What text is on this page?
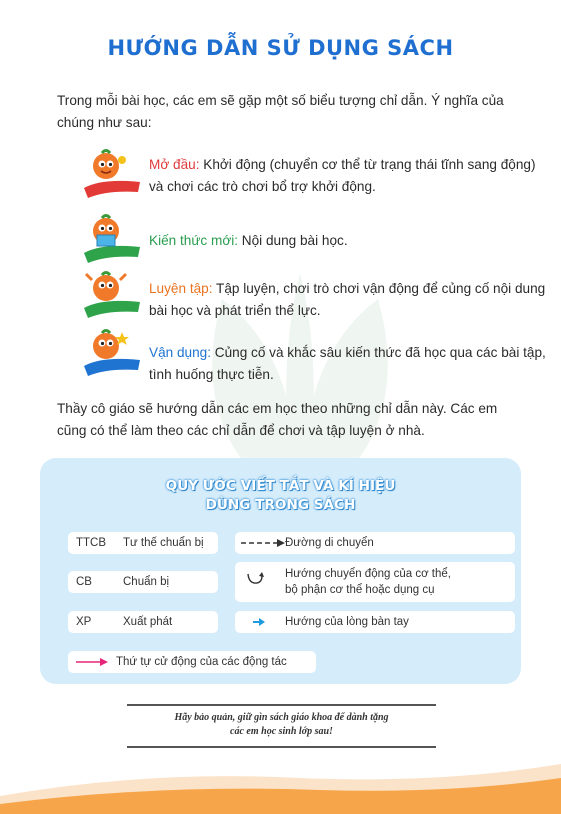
HƯỚNG DẪN SỬ DỤNG SÁCH
Trong mỗi bài học, các em sẽ gặp một số biểu tượng chỉ dẫn. Ý nghĩa của chúng như sau:
Mở đầu: Khởi động (chuyển cơ thể từ trạng thái tĩnh sang động) và chơi các trò chơi bổ trợ khởi động.
Kiến thức mới: Nội dung bài học.
Luyện tập: Tập luyện, chơi trò chơi vận động để củng cố nội dung bài học và phát triển thể lực.
Vận dụng: Củng cố và khắc sâu kiến thức đã học qua các bài tập, tình huống thực tiễn.
Thầy cô giáo sẽ hướng dẫn các em học theo những chỉ dẫn này. Các em cũng có thể làm theo các chỉ dẫn để chơi và tập luyện ở nhà.
QUY ƯỚC VIẾT TẮT VÀ KÍ HIỆU
DÙNG TRONG SÁCH
TTCB Tư thế chuẩn bị
CB	Chuẩn bị
XP	Xuất phát
Đường di chuyển
Hướng chuyển động của cơ thể,
bộ phận cơ thể hoặc dụng cụ
Hướng của lòng bàn tay
Thứ tự cử động của các động tác
Hãy bảo quản, giữ gìn sách giáo khoa để dành tặng
các em học sinh lớp sau!
